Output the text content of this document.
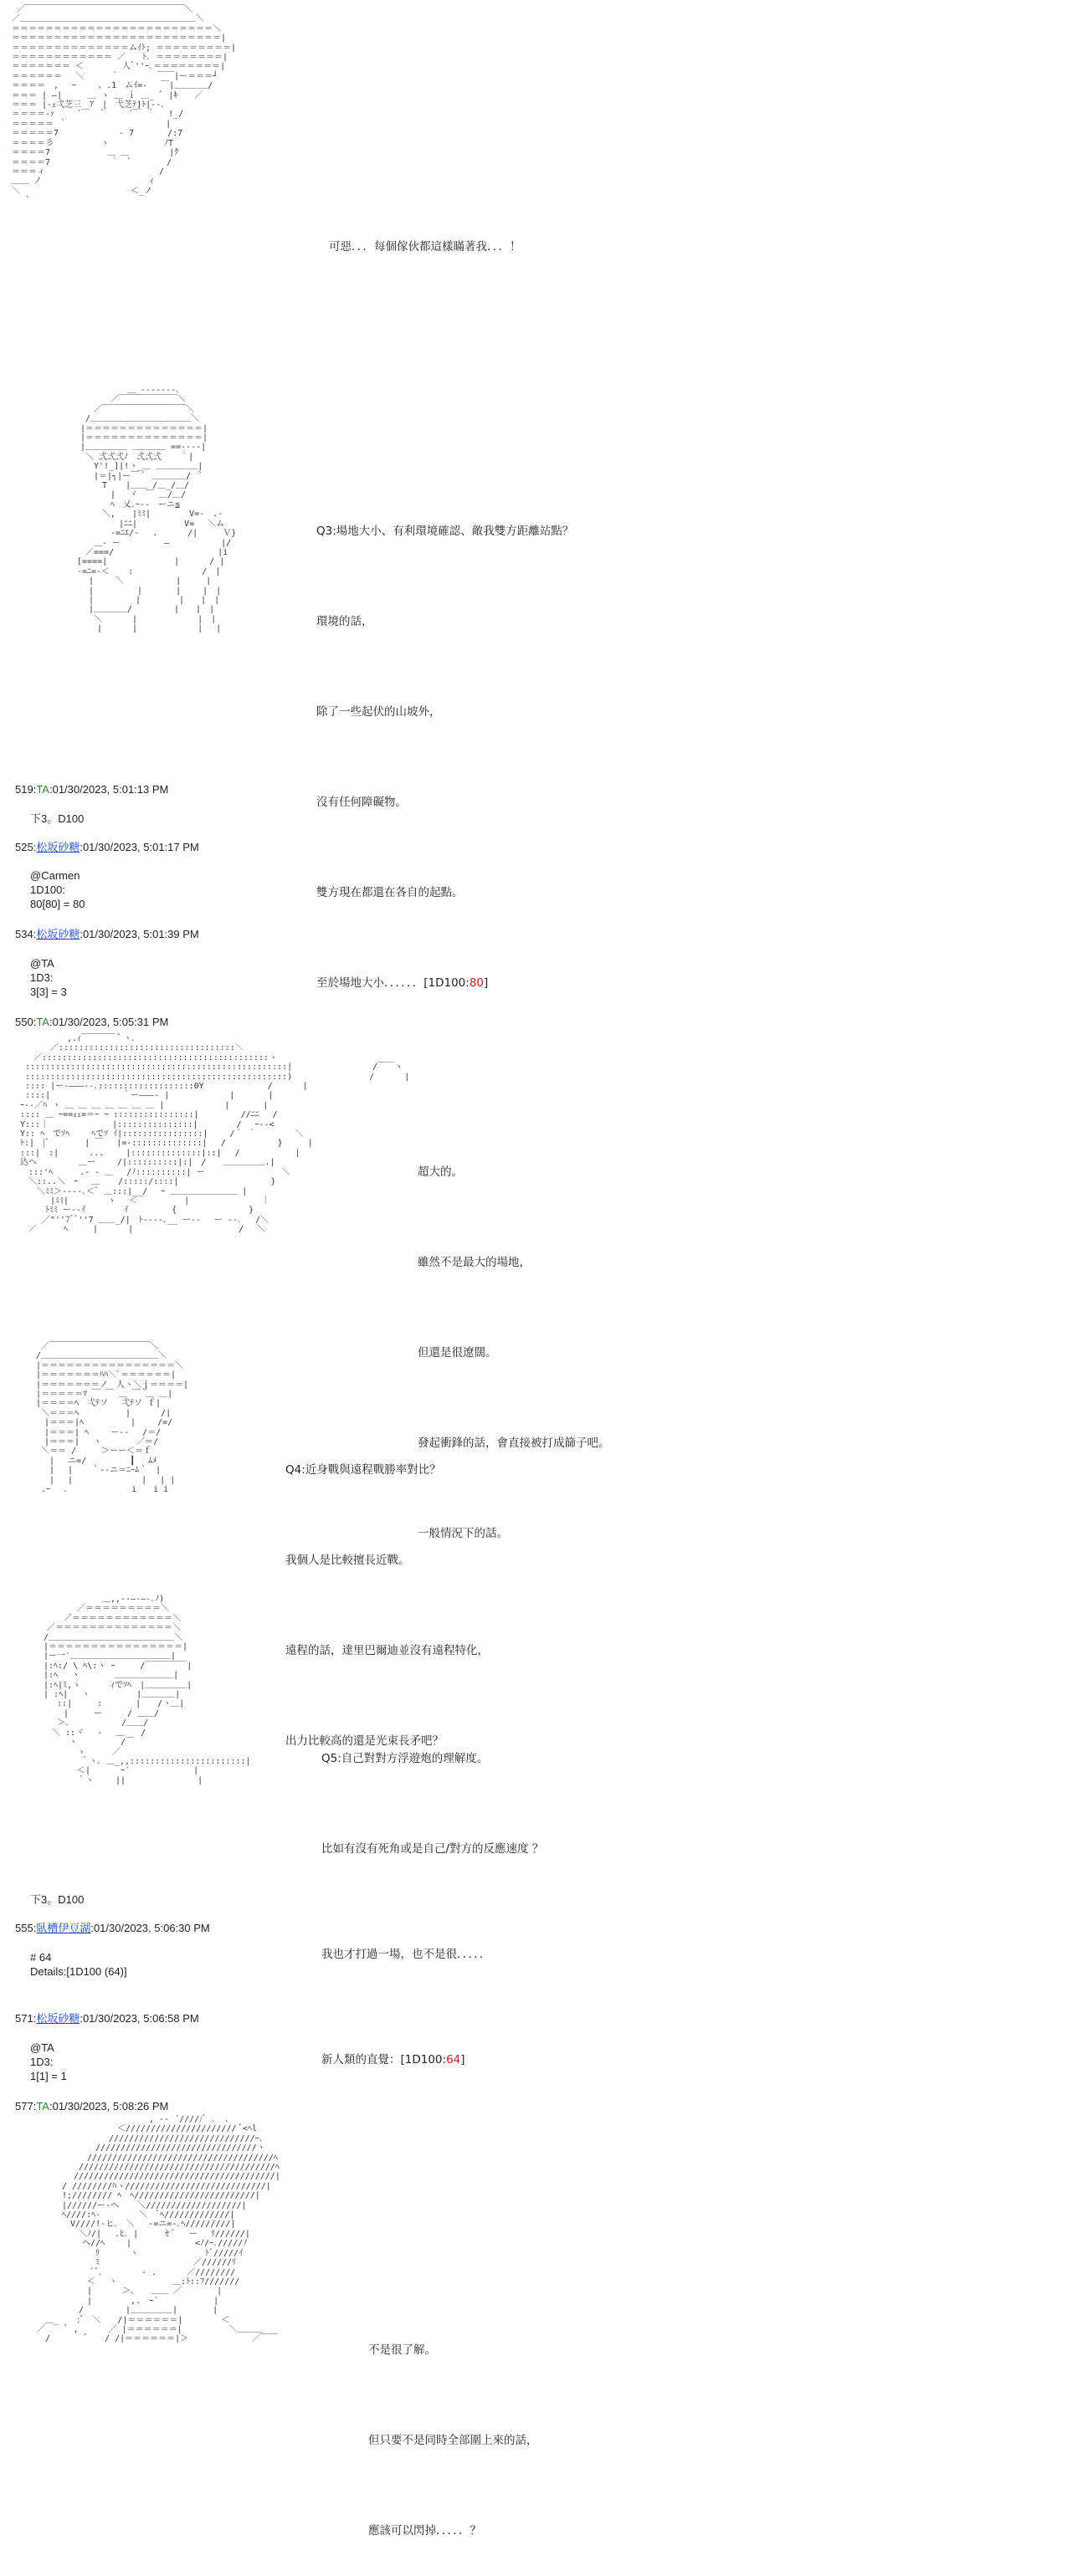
／￣￣￣￣￣￣￣￣￣￣￣￣￣￣￣￣￣￣￣＼
／＿＿＿＿＿＿＿＿＿＿＿＿＿＿＿＿＿＿＿＿＿＼
＝＝＝＝＝＝＝＝＝＝＝＝＝＝＝＝＝＝＝＝＝＝＝＝＼
＝＝＝＝＝＝＝＝＝＝＝＝＝＝＝＝＝＝＝＝＝＝＝＝＝|
＝＝＝＝＝＝＝＝＝＝＝＝＝＝ムｲﾄ; ＝＝＝＝＝＝＝＝＝|
＝＝＝＝＝＝＝＝＝＝＝＝ ／　　ﾄ､ ＝＝＝＝＝＝＝＝|
＝＝＝＝＝＝＝ ＜　　　　 人ﾞ''ｰ､＝＝＝＝＝＝＝＝|
＝＝＝＝＝＝　 ＼ 　　 ｀　　　　 ￣￣|ー＝＝＝┘
＝＝＝＝　,　 ｰ 　　、.1　ムｲ=-　 ￣|＿＿＿＿/
＝＝＝ | ―|　　　＿ ヽ ＿ ｉ ＿_ ﾞ |ｷ　　／
＝＝＝ |‐ｪ弌芝三　ｱ　|　弋芝ﾃ]ﾄ|‐-､
＝＝＝＝‐ｧ　　 ´￣　｀　　 ´￣ ｀ 　!_/
＝＝＝＝＝ ｀　　　　 　　　　 　　 |
＝＝＝＝＝7　　 　　　　 - 7　　　　/:7
＝＝＝＝彡　　　　　 ヽ　　　　　　 ﾉT
＝＝＝＝7 　　　 　　 ＿ ＿ 　 　　 |ｸ
＝＝＝＝7　　　　　 　 ｀　ﾞ　　 　 /
＝＝＝ィ　　　　　　　　 　　　　　/
＿＿ ノ　　　　　　　　　　　 　ィ
＼　　　　　　　　　　　 　 ＜_ノ
　 `

可惡．．．每個傢伙都這樣瞞著我．．．！

　　　　　　　　 ＿_----‐‐-､
　　　　　　 ／￣￣￣￣￣￣￣＼
　　　　 ／￣￣￣￣￣￣￣￣￣￣＼
　　　 /＿＿＿＿＿＿＿＿＿＿＿＿＼
　　　|＝＝＝＝＝＝＝＝＝＝＝＝＝＝|
　　　|＝＝＝＝＝＝＝＝＝＝＝＝＝＝|
　　　|＿＿＿＿＿ ＿＿＿＿ ==--‐‐|
　　　 ＼ 弍弍弍ﾉ　弍弍弍 　 ｀|
　　　　 Y'!_]|!ヽ_＿ ＿＿＿＿＿|
　　　　 |＝|┐|ー￣｀ ＿＿＿＿/ ｀
　　　　　 T 　 |＿＿_/＿_/＿/
　　　　　　 | 　ヾ　￣ ＿/＿/
　　　　　　 ﾍ　乂､ｰ--　ーニ≦
　　　　　 ＼,　　|ﾐﾐ|　　 　　V=-　.-
　　　　　　　 |ﾆﾆ|　　　　　 V= 　＼ム
　　　　　　 -=ﾆｴ/- 　.　 　　/|　　　Ｖ}
　　　　 ＿- ー　　 　　 ―　　　　 　 |/
　　　 ／===/　　　　 　 　 　　　　 |i
　　 [====|　　　　　　　　|　　　 / |
　　 -=ﾆ=-＜ 　 :　　　　 　　　 /　|
　　　　|　　 ＼ 　　　　　 |　　　|
　　　　|　　　 　 |　　　　|　　 |　|
　　　　|　　　　　|　　　　 |　　|　|
　　　　|＿＿＿＿/　　　　　|　　|　|
　　　　 ＼　　　 |　　　　 　　 |　|
　　　　　|　　　 |　　　　　 　 | 　|

Q3:場地大小、有利環境確認、敵我雙方距離站點？

環境的話，

除了一些起伏的山坡外，

沒有任何障礙物。

雙方現在都還在各自的起點。

至於場地大小．．．．．．[1D100:80]

519:TA:01/30/2023, 5:01:13 PM

下3。D100

525:松坂砂糖:01/30/2023, 5:01:17 PM

@Carmen

1D100:

80[80] = 80

534:松坂砂糖:01/30/2023, 5:01:39 PM

@TA

1D3:

3[3] = 3

550:TA:01/30/2023, 5:05:31 PM

　　　　　　 ,.ｨ￣￣￣￣｀ヽ､
　　　　 ／:::::::::::::::::::::::::::::::::::＼
　　 ／:::::::::::::::::::::::::::::::::::::::::::::ヽ
　 ::::::::::::::::::::::::::::::::::::::::::::::::::::|　　　　　　　　　 /￣￣ヽ
　 ::::::::::::::::::::::::::::::::::::::::::::::::::::) 　　　　　　　 　/　　　 |
　 :::: |ー-―――‐-､:::::::::::::::::::0Y　　　　　　 　/　　　 |
　 ::::|　　　　　　　　 ｀ー―――‐ |　　　　　 　 |　　　　|
　ｰ--／ﾊ ヽ ＿ ＿ ＿ ＿ ＿ ＿ ＿ |　　　　　 　 |　　　　|
　:::: ＿ ｰ==ｪｪ=＝ｰ ｰ ::::::::::::::::|　　　　　//ﾆﾆ　 /
　Y:::｜　　　　　　　 |:::::::::::::::|　　　　 /　 ｰ-‐<
　Y:: ﾍ　でｿﾍ　　 ﾍでｿ ｲ|::::::::::::::::|　　 /｀ ｀　　　　 ＼
　ﾄ:|　|ﾞ　　 　 | ￣　 |=-::::::::::::::|　 /　　　 　　 }　　　|
　:::|　:|　　　 ...　　 |::::::::::::::|::| 　/　　　　　　 |
　込ヘ　　　　　＿ー　　 /|::::::::::|:|　/　　＿＿＿＿＿.|
　　:::'ﾍ 　　 .‐ ‐ ＿　 /ﾉ::::::::::| ー　　　　　　　 　 ＼
　　＼::..＼　ｰ　 ＿ 　 /:::::/::::|　　　　　　　　　　　}
　　　＼ﾐﾐ＞----､＜ﾞ ＿:::|__/　 ｰ ＿＿＿＿＿＿＿＿ |
　　　　 |ﾐﾐ|　　　　 ヽ　 ＜ 　　　　　|　　　　　　　　 ｜
　　　　ﾄﾐﾐ ー-‐ｲ　　　　 ｲ　　 　　 {　　　　　　　　 }
　　　 ／"''7ﾞﾞ''7 ＿＿_/|　ﾄ----､__ ー-‐　 ー --､　 /＼
　　／ 　　 ﾍ　　　|　　　 |　　　　　　　　　　　　 /　 ＼

超大的。

雖然不是最大的場地，

但還是很遼闊。

發起衝鋒的話，會直接被打成篩子吧。

一般情況下的話。

　 ／￣￣￣￣￣￣￣￣￣￣￣￣＼
　/＿＿＿＿＿＿＿＿＿＿＿＿＿＿＼
　|＝＝＝＝＝＝＝＝＝＝＝＝＝＝＝＝＼
　|＝＝＝＝＝＝＝ﾊﾊ＼ﾟ＝＝＝＝＝＝|
　|＝＝＝＝＝＝＝ノ　人ヽ＼ｊ＝＝＝＝|
　|＝＝＝＝＝ﾏ ￣ ￣ ＿ ￣ ＿ ＿|
　|＝＝＝＝ﾍ　弌ﾃソ　 弌ﾃソ ｆ|
　 ＼＝＝＝ﾍ　　　　 　|　　　 /|
　　|＝＝＝|ﾍ　　　　　 |　　 /=/
　　|＝＝＝| ﾍ　　 ー-‐　 /＝/
　　|＝＝＝|　 ヽ　 　　 ／＝/
　 ＼＝＝ /　　　＞ーー＜＝ｆ
　　 | 　ニ=/　 　　　 ┃ 　ﾑﾒ
　　 |　 | 　 ｀‐-ニ＝ﾆｰﾑ｀　|
　　 | 　|　　　 　　　　 |　 | |
　 .ｰ　 ､　　　　　　　 i　　i i

Q4:近身戰與遠程戰勝率對比？

我個人是比較擅長近戰。

遠程的話，達里巴爾迪並沒有遠程特化，

出力比較高的還是光束長矛吧？

　　　　　　　　　 ＿,,-‐―-―-､ﾉ)
　　　　　　 ／＝＝＝＝＝＝＝＝＝＼
　　　　　／＝＝＝＝＝＝＝＝＝＝＝＝＼
　　　／＝＝＝＝＝＝＝＝＝＝＝＝＝＝＼
　　 /＿＿＿＿＿＿＿＿＿＿＿＿＿＿＿＼
　　 |＝＝＝＝＝＝＝＝＝＝＝＝＝＝＝＝|
　　 |ー一′＿＿＿＿＿＿＿＿＿＿＿＿|
　　 |:ﾍ:/ \ ﾍ\:ヽ ｰ　　　/￣￣￣￣￣|
　　 |:ﾍ 　ヽ 　　　 ＿＿＿＿＿＿＿|
　　 |:ﾍ|ﾐ,ゝ　　 　ｨでｿﾍ　|＿＿＿＿＿|
　　 | :ﾍ| 　ヽ　　　　　 |＿＿＿＿|
　　 　 ::|　　　:　　　　|　　/ヽ＿|
　　　　　|　　　ー　　　/ ＿＿/
　　 　 ＞､ 　　　　　 /＿＿/
　　　 ＼ ::ヾ 　-　 ＿　　/
　　　　 　ヽ 　　　　 /￣
　　　　　　 ゝ 　　 ／
　　　　　　　｀ヽ､ ＿_,,:::::::::::::::::::::::|
　　　　 　　＜|　　　 ｰ′　 　　　　　　|
　　　　　　 ｀ヽ　　 ||　　　　　 　　　|

Q5:自己對對方浮遊炮的理解度。

比如有沒有死角或是自己/對方的反應速度 ？

我也才打過一場，也不是很．．．．．

新人類的直覺：[1D100:64]

下3。D100

555:臥槽伊豆湖:01/30/2023, 5:06:30 PM

# 64

Details:[1D100 (64)]

571:松坂砂糖:01/30/2023, 5:06:58 PM

@TA

1D3:

1[1] = 1

577:TA:01/30/2023, 5:08:26 PM

　　　　　　　　　　　　　　　　, -‐ ´/////ﾞ ､　.
　　　　　　　　　　 　 ＜////////////////////// ﾞ<ﾍl
　　　　　　　　　 　 /////////////////////////////ｰ､
　　　　　　　　　 ////////////////////////////////ヽ
　　　　　　　　 /////////////////////////////////////ﾍ
　　　　　　　 ///////////////////////////////////////ﾍ
　　　　　　　////////////////////////////////////////|
　　　　　 / ////////ﾊヽ////////////////////////////|
　　　　　 !;//////// ﾍ　ﾍ////////////////////////|
　　　　　 |//////ー-ヘ 　 ＼///////////////////|
　　　　　 ﾍ////:ﾍ-　　　　 ＼　ﾞﾍ/////////////|
　　　　　　 V////!-ヒ､　＼　 -=ニ=-､ﾍ/////////|
　　　　　　　 ＼ﾉ/|　 .ﾋ､ | 　 　ｾ ﾞ　 ー　 ﾘ//////|
　　　　　　　　ヘ//ﾍ　　 |　　　　　　　 <ﾉ/ｰ､/////ﾉ
　　　　　　　　　 ﾘ　　　 ヽ　　　　　　　　ﾄﾞ/////ｲ
　　　　　　　　　 ﾐ　　　　　　　　　 　 ／//////ﾘ
　　　　　　　　　ﾞﾞ､　　　　 ‐ .　　　 ／////////
　　　　　　　　 ＜ 　ヽ　　　　　　 ＿:ﾄ::ﾌ///////
　　　　　　　　 |　　　 ＞､　　＿＿ ／ 　　　 |
　　　　　　　　 |　　　　 ,.　ｰ´　　　　　　 |
　　　　　　　 /　　　　　|＿＿＿＿＿|　　 　 |
　　　 ＿_ 　 ;ﾞ　＼　　/|＝＝＝＝＝＝|　　　　 ＜
　　 ／　　 ﾞ ,　　　 ／ |＝＝＝＝＝＝|　　　　　 ＼＿＿＿
　　　 /　　　　ﾞ　　/ /|＝＝＝＝＝＝|＞　　　　　　　 ／￣￣

不是很了解。

但只要不是同時全部圍上來的話，

應該可以閃掉．．．．．？
